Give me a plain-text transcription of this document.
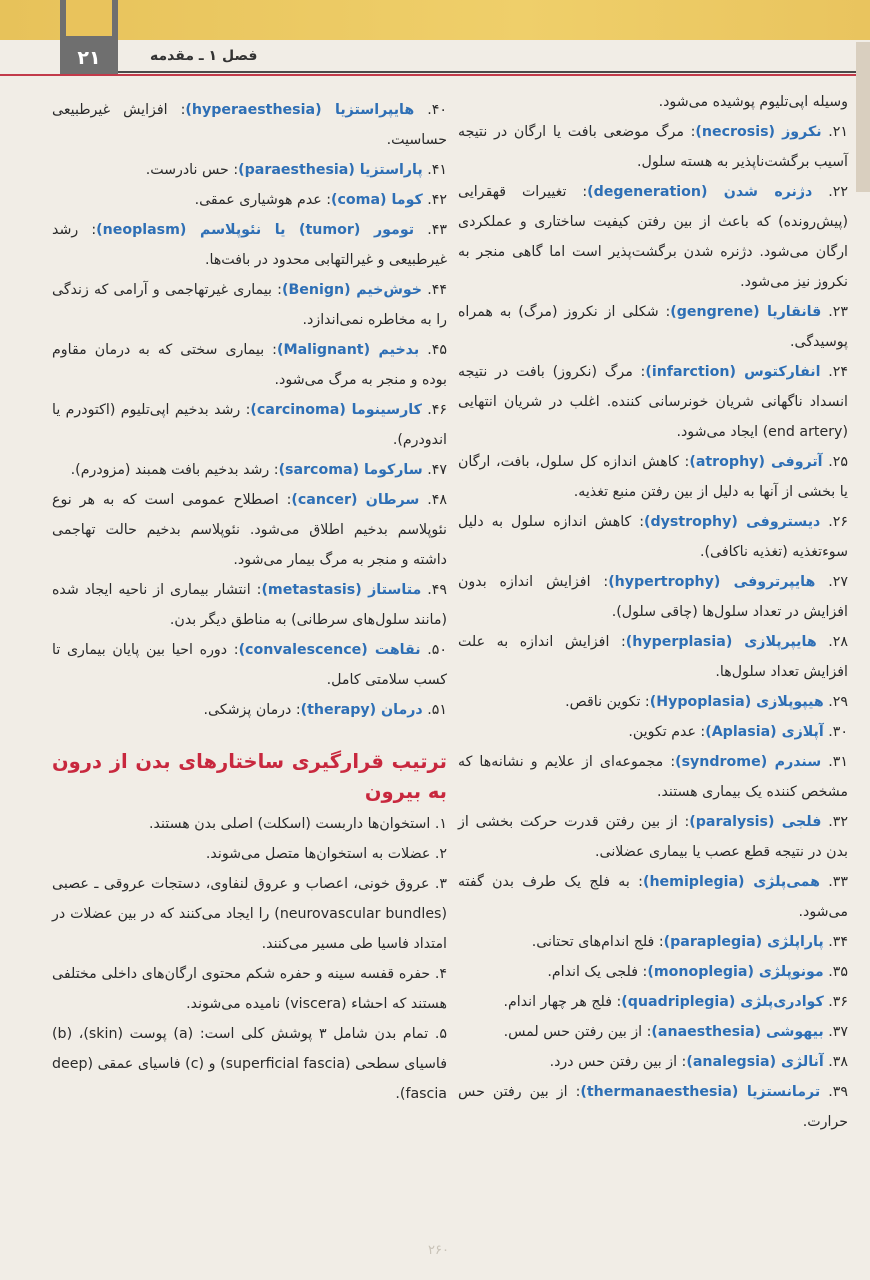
۲۱	فصل ۱ ـ مقدمه

وسیله اپی‌تلیوم پوشیده می‌شود.

۲۱. نکروز (necrosis): مرگ موضعی بافت یا ارگان در نتیجه آسیب برگشت‌ناپذیر به هسته سلول.

۲۲. دژنره شدن (degeneration): تغییرات قهقرایی (پیش‌رونده) که باعث از بین رفتن کیفیت ساختاری و عملکردی ارگان می‌شود. دژنره شدن برگشت‌پذیر است اما گاهی منجر به نکروز نیز می‌شود.

۲۳. قانقاریا (gengrene): شکلی از نکروز (مرگ) به همراه پوسیدگی.

۲۴. انفارکتوس (infarction): مرگ (نکروز) بافت در نتیجه انسداد ناگهانی شریان خونرسانی کننده. اغلب در شریان انتهایی (end artery) ایجاد می‌شود.

۲۵. آتروفی (atrophy): کاهش اندازه کل سلول، بافت، ارگان یا بخشی از آنها به دلیل از بین رفتن منبع تغذیه.

۲۶. دیستروفی (dystrophy): کاهش اندازه سلول به دلیل سوءتغذیه (تغذیه ناکافی).

۲۷. هایپرتروفی (hypertrophy): افزایش اندازه بدون افزایش در تعداد سلول‌ها (چاقی سلول).

۲۸. هایپرپلازی (hyperplasia): افزایش اندازه به علت افزایش تعداد سلول‌ها.

۲۹. هیپوپلازی (Hypoplasia): تکوین ناقص.

۳۰. آپلازی (Aplasia): عدم تکوین.

۳۱. سندرم (syndrome): مجموعه‌ای از علایم و نشانه‌ها که مشخص کننده یک بیماری هستند.

۳۲. فلجی (paralysis): از بین رفتن قدرت حرکت بخشی از بدن در نتیجه قطع عصب یا بیماری عضلانی.

۳۳. همی‌پلژی (hemiplegia): به فلج یک طرف بدن گفته می‌شود.

۳۴. پاراپلژی (paraplegia): فلج اندام‌های تحتانی.

۳۵. مونوپلژی (monoplegia): فلجی یک اندام.

۳۶. کوادری‌پلژی (quadriplegia): فلج هر چهار اندام.

۳۷. بیهوشی (anaesthesia): از بین رفتن حس لمس.

۳۸. آنالژی (analegsia): از بین رفتن حس درد.

۳۹. ترمانستزیا (thermanaesthesia): از بین رفتن حس حرارت.

۴۰. هایپراستزیا (hyperaesthesia): افزایش غیرطبیعی حساسیت.

۴۱. پاراستزیا (paraesthesia): حس نادرست.

۴۲. کوما (coma): عدم هوشیاری عمقی.

۴۳. تومور (tumor) یا نئوپلاسم (neoplasm): رشد غیرطبیعی و غیرالتهابی محدود در بافت‌ها.

۴۴. خوش‌خیم (Benign): بیماری غیرتهاجمی و آرامی که زندگی را به مخاطره نمی‌اندازد.

۴۵. بدخیم (Malignant): بیماری سختی که به درمان مقاوم بوده و منجر به مرگ می‌شود.

۴۶. کارسینوما (carcinoma): رشد بدخیم اپی‌تلیوم (اکتودرم یا اندودرم).

۴۷. سارکوما (sarcoma): رشد بدخیم بافت همبند (مزودرم).

۴۸. سرطان (cancer): اصطلاح عمومی است که به هر نوع نئوپلاسم بدخیم اطلاق می‌شود. نئوپلاسم بدخیم حالت تهاجمی داشته و منجر به مرگ بیمار می‌شود.

۴۹. متاستاز (metastasis): انتشار بیماری از ناحیه ایجاد شده (مانند سلول‌های سرطانی) به مناطق دیگر بدن.

۵۰. نقاهت (convalescence): دوره احیا بین پایان بیماری تا کسب سلامتی کامل.

۵۱. درمان (therapy): درمان پزشکی.

ترتیب قرارگیری ساختارهای بدن از درون به بیرون

۱. استخوان‌ها داربست (اسکلت) اصلی بدن هستند.

۲. عضلات به استخوان‌ها متصل می‌شوند.

۳. عروق خونی، اعصاب و عروق لنفاوی، دستجات عروقی ـ عصبی (neurovascular bundles) را ایجاد می‌کنند که در بین عضلات در امتداد فاسیا طی مسیر می‌کنند.

۴. حفره قفسه سینه و حفره شکم محتوی ارگان‌های داخلی مختلفی هستند که احشاء (viscera) نامیده می‌شوند.

۵. تمام بدن شامل ۳ پوشش کلی است: (a) پوست (skin)، (b) فاسیای سطحی (superficial fascia) و (c) فاسیای عمقی (deep fascia).

۲۶۰
